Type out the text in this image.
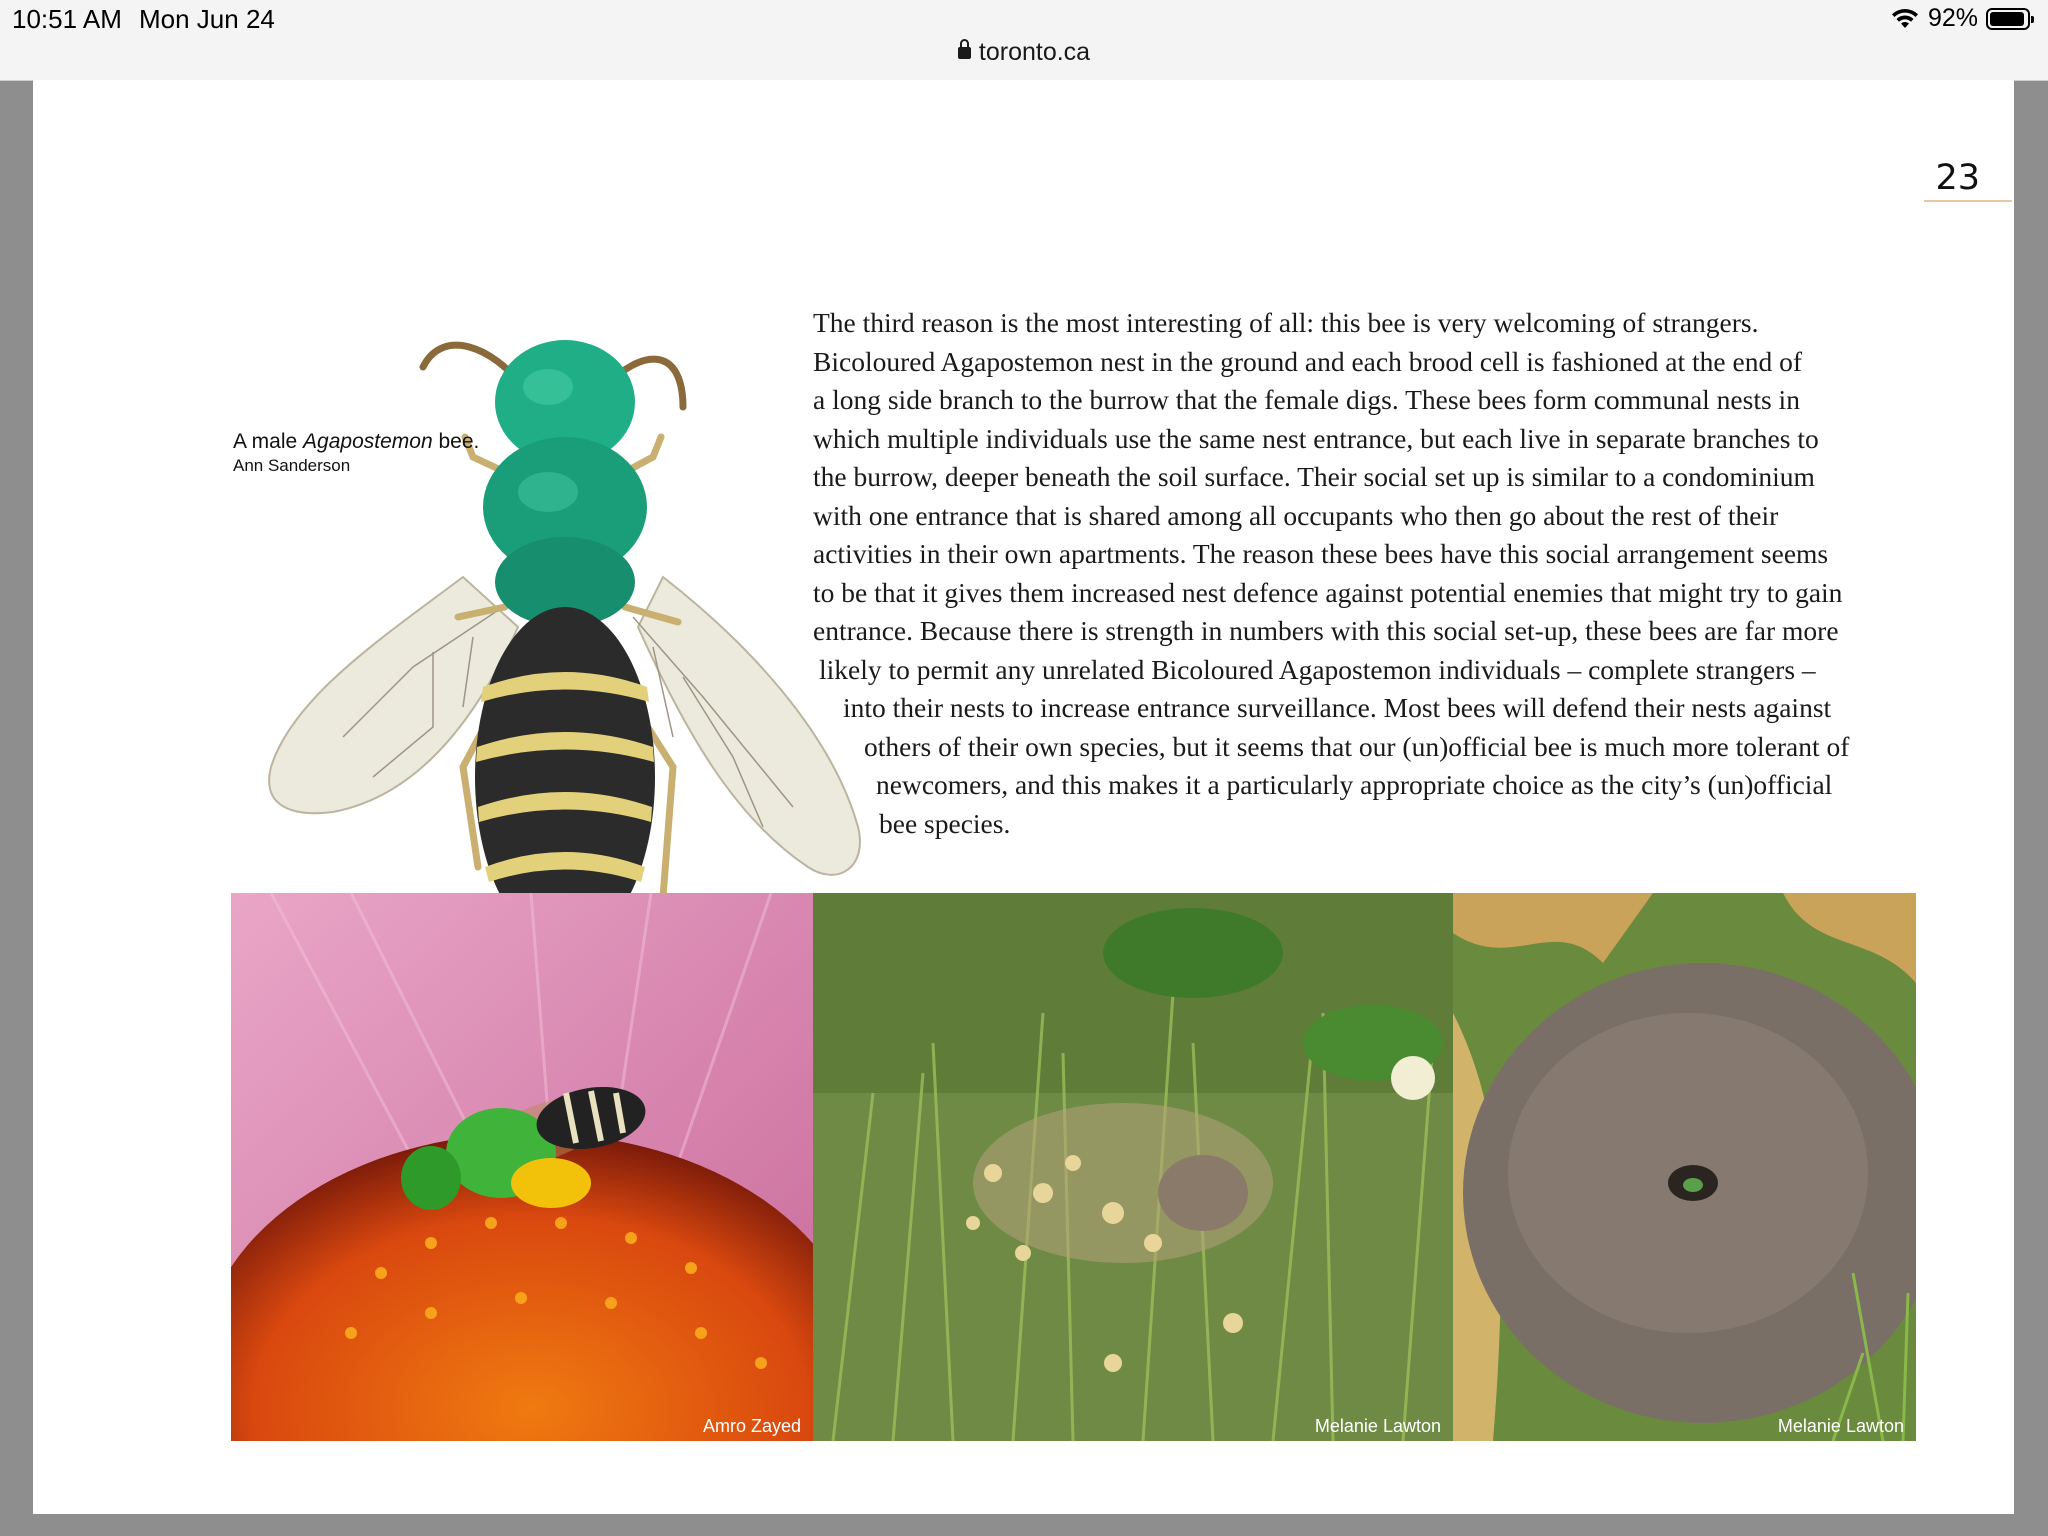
10:51 AM Mon Jun 24	92%
toronto.ca
23
A male Agapostemon bee.
Ann Sanderson
The third reason is the most interesting of all: this bee is very welcoming of strangers.
Bicoloured Agapostemon nest in the ground and each brood cell is fashioned at the end of
a long side branch to the burrow that the female digs. These bees form communal nests in
which multiple individuals use the same nest entrance, but each live in separate branches to
the burrow, deeper beneath the soil surface. Their social set up is similar to a condominium
with one entrance that is shared among all occupants who then go about the rest of their
activities in their own apartments. The reason these bees have this social arrangement seems
to be that it gives them increased nest defence against potential enemies that might try to gain
entrance. Because there is strength in numbers with this social set-up, these bees are far more
likely to permit any unrelated Bicoloured Agapostemon individuals – complete strangers –
into their nests to increase entrance surveillance. Most bees will defend their nests against
others of their own species, but it seems that our (un)official bee is much more tolerant of
newcomers, and this makes it a particularly appropriate choice as the city’s (un)official
bee species.
Amro Zayed	Melanie Lawton	Melanie Lawton
